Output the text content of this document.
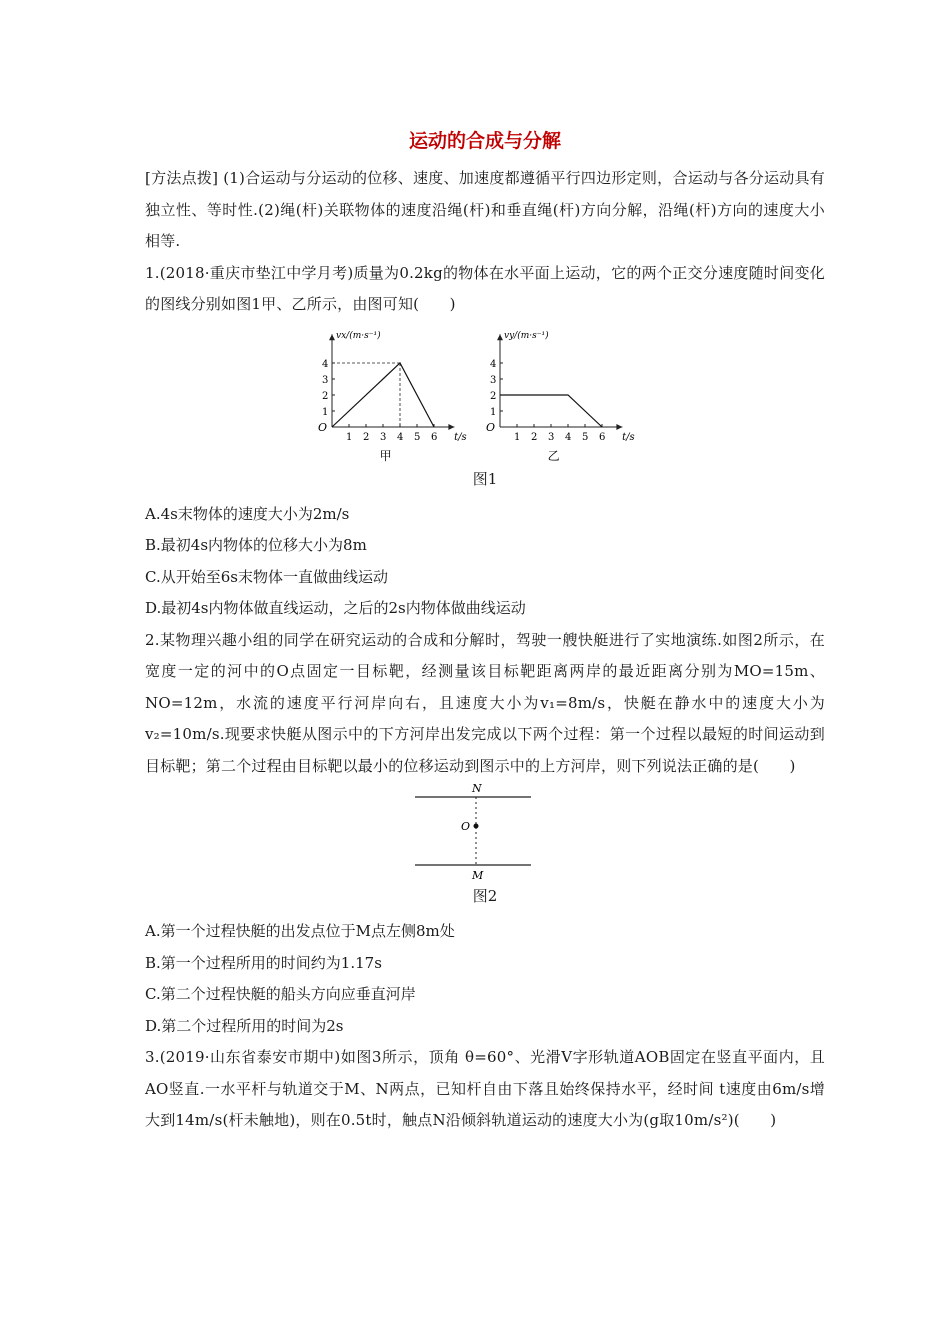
运动的合成与分解

[方法点拨] (1)合运动与分运动的位移、速度、加速度都遵循平行四边形定则，合运动与各分运动具有独立性、等时性.(2)绳(杆)关联物体的速度沿绳(杆)和垂直绳(杆)方向分解，沿绳(杆)方向的速度大小相等.

1.(2018·重庆市垫江中学月考)质量为0.2kg的物体在水平面上运动，它的两个正交分速度随时间变化的图线分别如图1甲、乙所示，由图可知(　　)

1 2 3 4 5 6
1
2
3
4
O
t/s
vx/(m·s⁻¹)
甲
1 2 3 4 5 6
1
2
3
4
O
t/s
vy/(m·s⁻¹)
乙

图1

A.4s末物体的速度大小为2m/s

B.最初4s内物体的位移大小为8m

C.从开始至6s末物体一直做曲线运动

D.最初4s内物体做直线运动，之后的2s内物体做曲线运动

2.某物理兴趣小组的同学在研究运动的合成和分解时，驾驶一艘快艇进行了实地演练.如图2所示，在宽度一定的河中的O点固定一目标靶，经测量该目标靶距离两岸的最近距离分别为MO=15m、NO=12m，水流的速度平行河岸向右，且速度大小为v₁=8m/s，快艇在静水中的速度大小为v₂=10m/s.现要求快艇从图示中的下方河岸出发完成以下两个过程：第一个过程以最短的时间运动到目标靶；第二个过程由目标靶以最小的位移运动到图示中的上方河岸，则下列说法正确的是(　　)

N
O
M

图2

A.第一个过程快艇的出发点位于M点左侧8m处

B.第一个过程所用的时间约为1.17s

C.第二个过程快艇的船头方向应垂直河岸

D.第二个过程所用的时间为2s

3.(2019·山东省泰安市期中)如图3所示，顶角 θ=60°、光滑V字形轨道AOB固定在竖直平面内，且AO竖直.一水平杆与轨道交于M、N两点，已知杆自由下落且始终保持水平，经时间 t速度由6m/s增大到14m/s(杆未触地)，则在0.5t时，触点N沿倾斜轨道运动的速度大小为(g取10m/s²)(　　)
